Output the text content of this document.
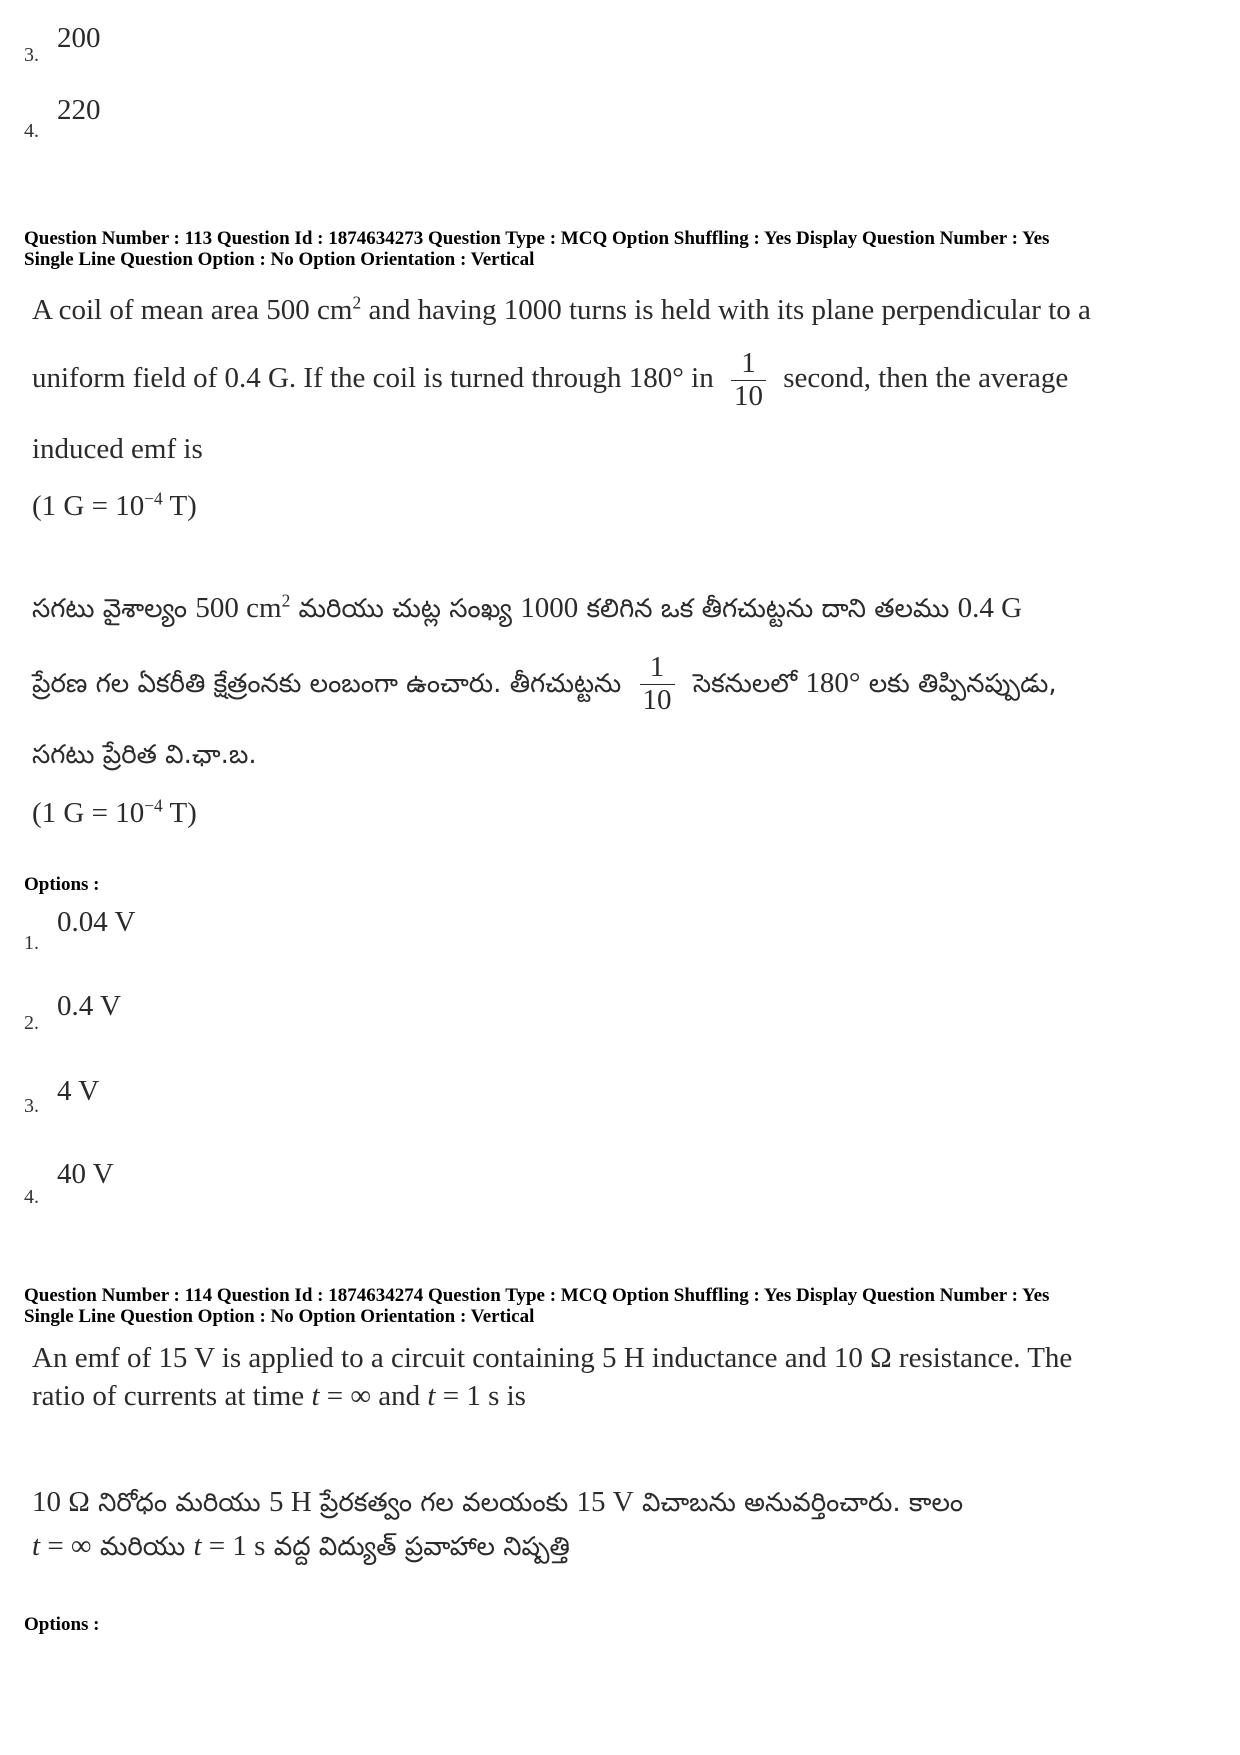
3. 200
4. 220
Question Number : 113 Question Id : 1874634273 Question Type : MCQ Option Shuffling : Yes Display Question Number : Yes
Single Line Question Option : No Option Orientation : Vertical
A coil of mean area 500 $cm^2$ and having 1000 turns is held with its plane perpendicular to a
uniform field of 0.4 G. If the coil is turned through 180° in $\frac{1}{10}$ second, then the average
induced emf is
(1 $G = 10^{-4}$ T)
సగటు వైశాల్యం 500 $cm^2$ మరియు చుట్ల సంఖ్య 1000 కలిగిన ఒక తీగచుట్టను దాని తలము 0.4 G
ప్రేరణ గల ఏకరీతి క్షేత్రంనకు లంబంగా ఉంచారు. తీగచుట్టను $\frac{1}{10}$ సెకనులలో 180° లకు తిప్పినప్పుడు,
సగటు ప్రేరిత వి.ఛా.బ.
(1 $G = 10^{-4}$ T)
Options :
1. 0.04 V
2. 0.4 V
3. 4 V
4. 40 V
Question Number : 114 Question Id : 1874634274 Question Type : MCQ Option Shuffling : Yes Display Question Number : Yes
Single Line Question Option : No Option Orientation : Vertical
An emf of 15 V is applied to a circuit containing 5 H inductance and 10 Ω resistance. The
ratio of currents at time t = ∞ and t = 1 s is
10 Ω నిరోధం మరియు 5 H ప్రేరకత్వం గల వలయంకు 15 V విచాబను అనువర్తించారు. కాలం
t = ∞ మరియు t = 1 s వద్ద విద్యుత్ ప్రవాహాల నిష్పత్తి
Options :
